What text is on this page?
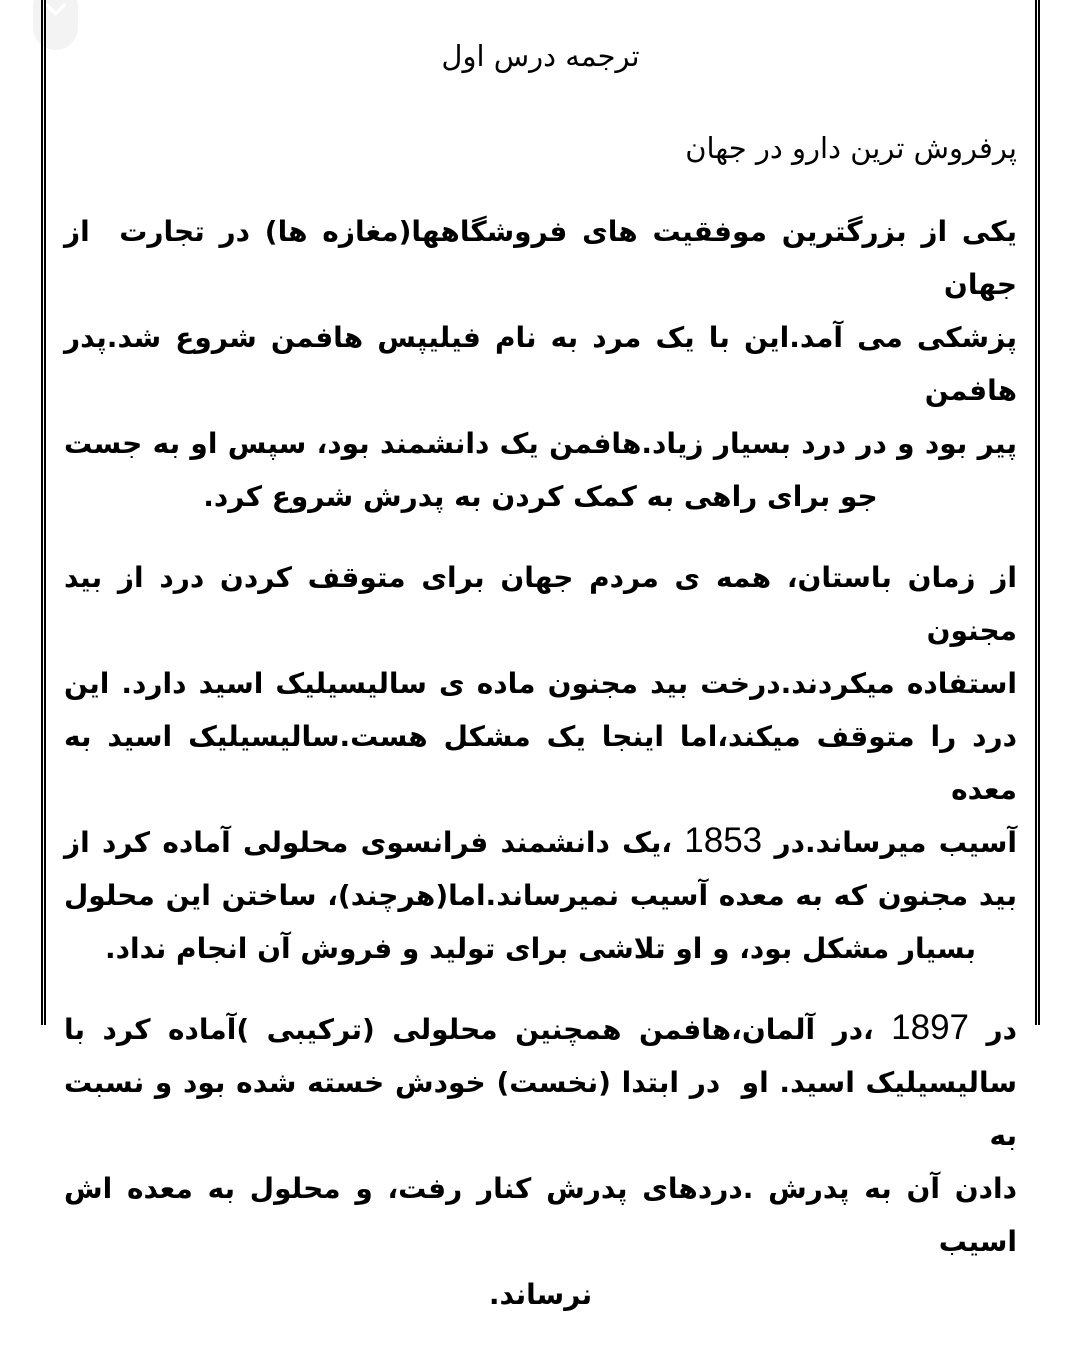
ترجمه درس اول
پرفروش ترین دارو در جهان
یکی از بزرگترین موفقیت های فروشگاهها(مغازه ها) در تجارت  از جهان
پزشکی می آمد.این با یک مرد به نام فیلیپس هافمن شروع شد.پدر هافمن
پیر بود و در درد بسیار زیاد.هافمن یک دانشمند بود، سپس او به جست
جو برای راهی به کمک کردن به پدرش شروع کرد.
از زمان باستان، همه ی مردم جهان برای متوقف کردن درد از بید مجنون
استفاده میکردند.درخت بید مجنون ماده ی سالیسیلیک اسید دارد. این
درد را متوقف میکند،اما اینجا یک مشکل هست.سالیسیلیک اسید به معده
آسیب میرساند.در 1853 ،یک دانشمند فرانسوی محلولی آماده کرد از
بید مجنون که به معده آسیب نمیرساند.اما(هرچند)، ساختن این محلول
بسیار مشکل بود، و او تلاشی برای تولید و فروش آن انجام نداد.
در 1897 ،در آلمان،هافمن همچنین محلولی (ترکیبی )آماده کرد با
سالیسیلیک اسید. او  در ابتدا (نخست) خودش خسته شده بود و نسبت به
دادن آن به پدرش .دردهای پدرش کنار رفت، و محلول به معده اش اسیب
نرساند.
